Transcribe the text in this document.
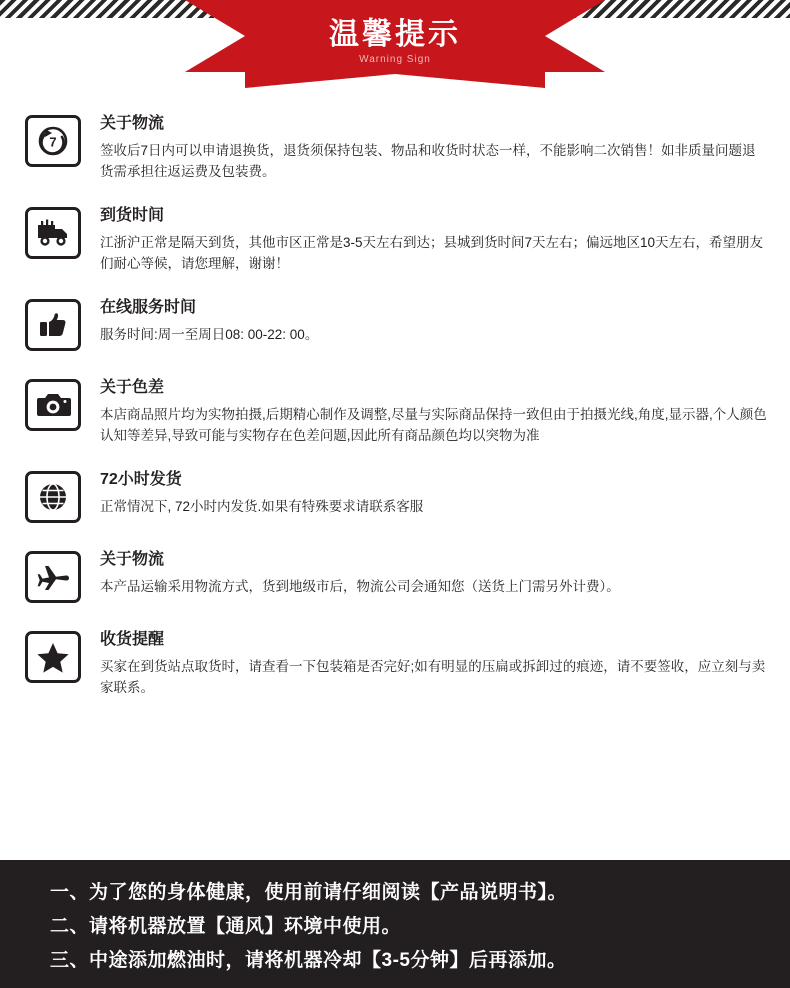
温馨提示
Warning Sign
7
关于物流
签收后7日内可以申请退换货，退货须保持包装、物品和收货时状态一样，不能影响二次销售！如非质量问题退货需承担往返运费及包装费。
到货时间
江浙沪正常是隔天到货，其他市区正常是3-5天左右到达；县城到货时间7天左右；偏远地区10天左右，希望朋友们耐心等候，请您理解，谢谢！
在线服务时间
服务时间:周一至周日08: 00-22: 00。
关于色差
本店商品照片均为实物拍摄,后期精心制作及调整,尽量与实际商品保持一致但由于拍摄光线,角度,显示器,个人颜色认知等差异,导致可能与实物存在色差问题,因此所有商品颜色均以突物为准
72小时发货
正常情况下, 72小时内发货.如果有特殊要求请联系客服
关于物流
本产品运输采用物流方式，货到地级市后，物流公司会通知您（送货上门需另外计费）。
收货提醒
买家在到货站点取货时，请查看一下包装箱是否完好;如有明显的压扁或拆卸过的痕迹，请不要签收，应立刻与卖家联系。
一、为了您的身体健康，使用前请仔细阅读【产品说明书】。
二、请将机器放置【通风】环境中使用。
三、中途添加燃油时，请将机器冷却【3-5分钟】后再添加。
